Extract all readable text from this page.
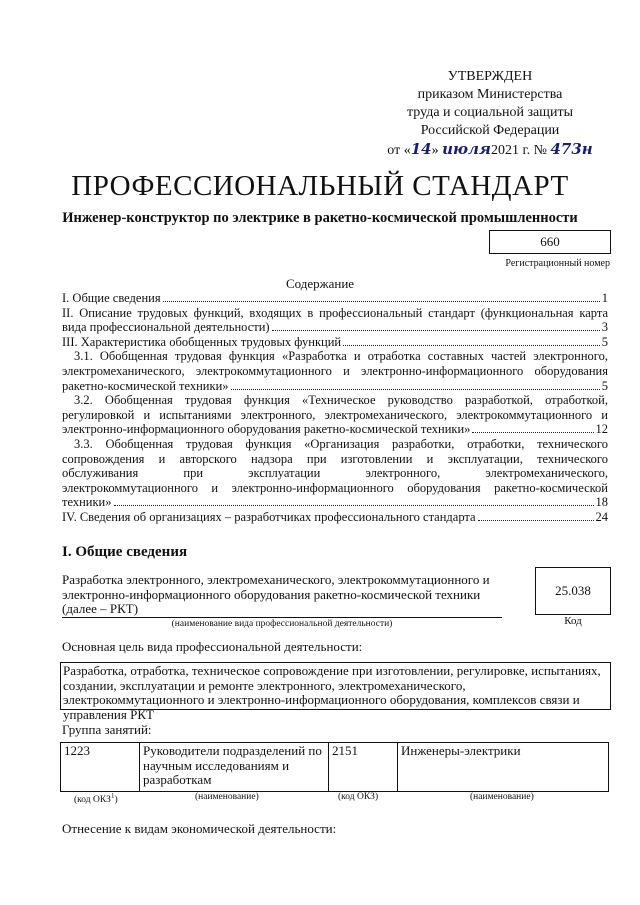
УТВЕРЖДЕН
приказом Министерства
труда и социальной защиты
Российской Федерации
от «14» июля2021 г. № 473н
ПРОФЕССИОНАЛЬНЫЙ СТАНДАРТ
Инженер-конструктор по электрике в ракетно-космической промышленности
660
Регистрационный номер
Содержание
I. Общие сведения	1
II. Описание трудовых функций, входящих в профессиональный стандарт (функциональная карта
вида профессиональной деятельности)	3
III. Характеристика обобщенных трудовых функций	5
3.1. Обобщенная трудовая функция «Разработка и отработка составных частей электронного,
электромеханического, электрокоммутационного и электронно-информационного оборудования
ракетно-космической техники»	5
3.2. Обобщенная трудовая функция «Техническое руководство разработкой, отработкой,
регулировкой и испытаниями электронного, электромеханического, электрокоммутационного и
электронно-информационного оборудования ракетно-космической техники»	12
3.3. Обобщенная трудовая функция «Организация разработки, отработки, технического
сопровождения и авторского надзора при изготовлении и эксплуатации, технического
обслуживания при эксплуатации электронного, электромеханического,
электрокоммутационного и электронно-информационного оборудования ракетно-космической
техники»	18
IV. Сведения об организациях – разработчиках профессионального стандарта	24
I. Общие сведения
Разработка электронного, электромеханического, электрокоммутационного и
электронно-информационного оборудования ракетно-космической техники
(далее – РКТ)
(наименование вида профессиональной деятельности)
25.038
Код
Основная цель вида профессиональной деятельности:
Разработка, отработка, техническое сопровождение при изготовлении, регулировке, испытаниях, создании, эксплуатации и ремонте электронного, электромеханического, электрокоммутационного и электронно-информационного оборудования, комплексов связи и управления РКТ
Группа занятий:
1223	Руководители подразделений по научным исследованиям и разработкам	2151	Инженеры-электрики
(код ОКЗ$^1$)	(наименование)	(код ОКЗ)	(наименование)
Отнесение к видам экономической деятельности:
